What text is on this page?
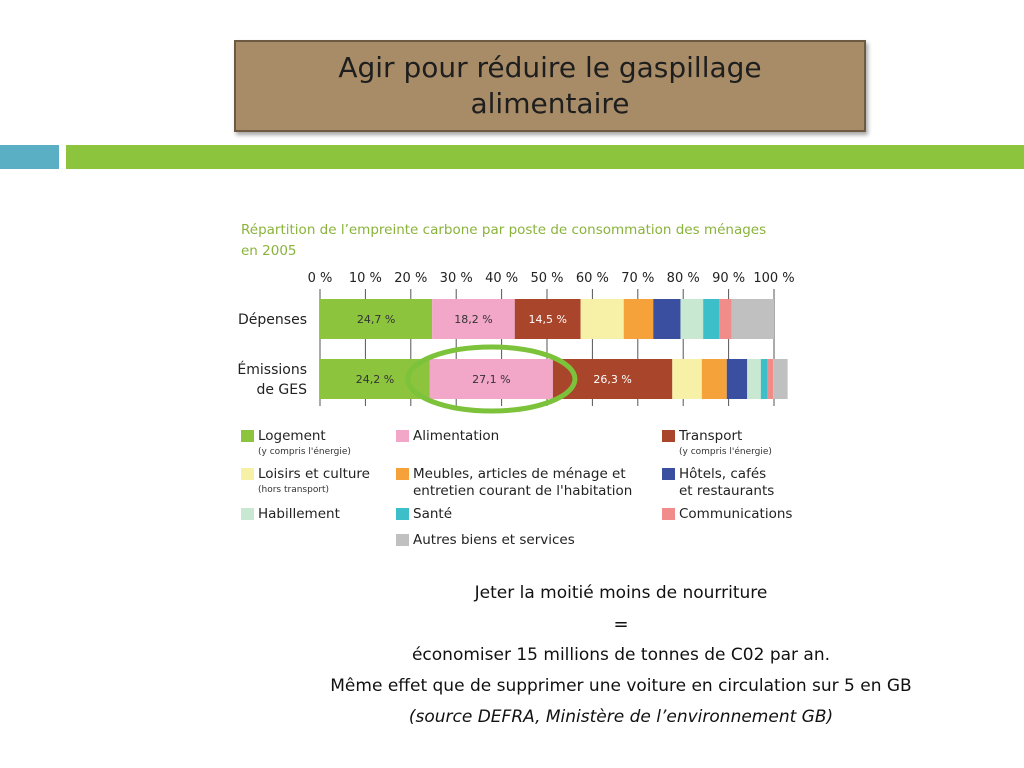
Agir pour réduire le gaspillage
alimentaire
Répartition de l’empreinte carbone par poste de consommation des ménages
en 2005
0 % 10 % 20 % 30 % 40 % 50 % 60 % 70 % 80 % 90 % 100 %
Dépenses	24,7 %	18,2 %	14,5 %
Émissions
de GES
24,2 %	27,1 %	26,3 %
Logement
(y compris l'énergie)
Alimentation	Transport
(y compris l'énergie)
Loisirs et culture
(hors transport)
Meubles, articles de ménage et
entretien courant de l'habitation
Hôtels, cafés
et restaurants
Habillement	Santé	Communications
Autres biens et services
Jeter la moitié moins de nourriture
=
économiser 15 millions de tonnes de C02 par an.
Même effet que de supprimer une voiture en circulation sur 5 en GB
(source DEFRA, Ministère de l’environnement GB)
